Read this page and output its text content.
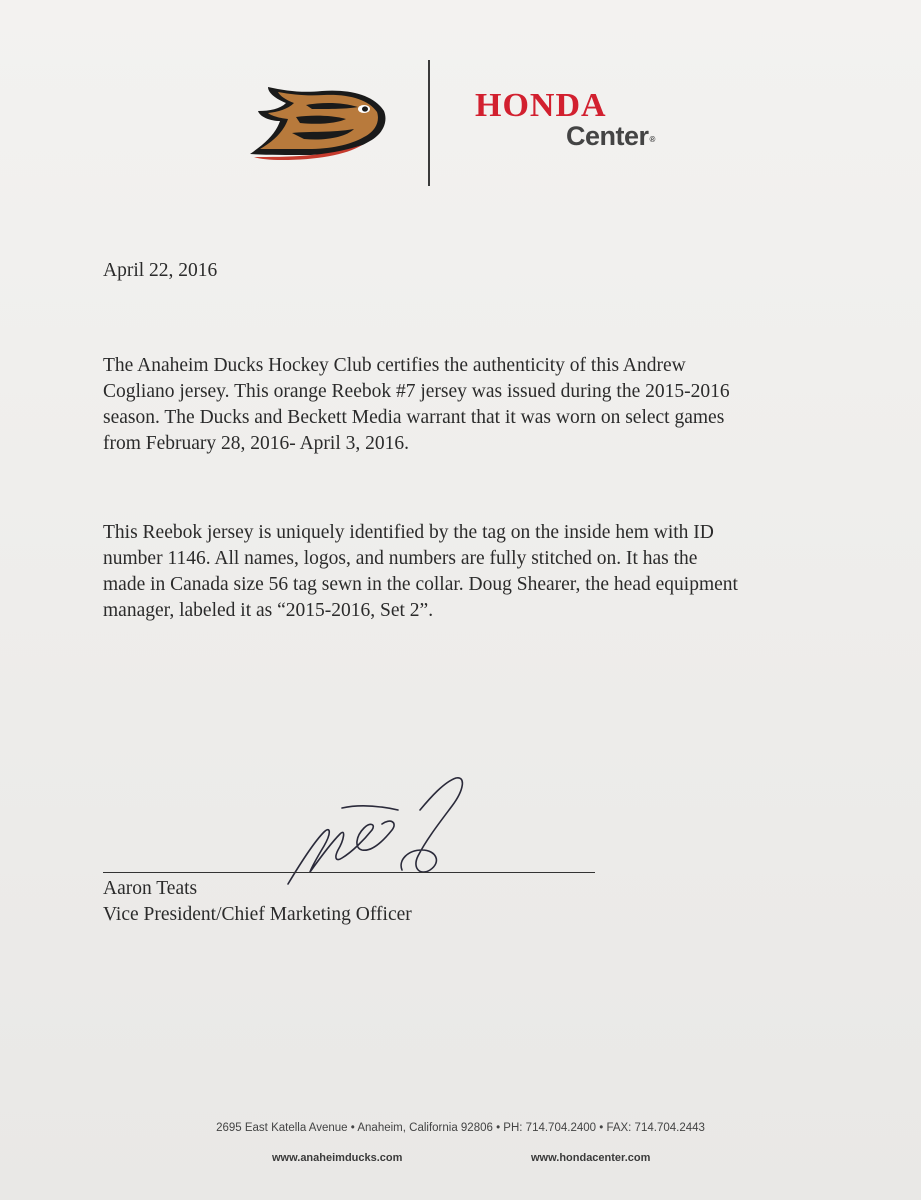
HONDA
Center®
April 22, 2016
The Anaheim Ducks Hockey Club certifies the authenticity of this Andrew
Cogliano jersey. This orange Reebok #7 jersey was issued during the 2015-2016
season. The Ducks and Beckett Media warrant that it was worn on select games
from February 28, 2016- April 3, 2016.
This Reebok jersey is uniquely identified by the tag on the inside hem with ID
number 1146. All names, logos, and numbers are fully stitched on. It has the
made in Canada size 56 tag sewn in the collar. Doug Shearer, the head equipment
manager, labeled it as “2015-2016, Set 2”.
Aaron Teats
Vice President/Chief Marketing Officer
2695 East Katella Avenue • Anaheim, California 92806 • PH: 714.704.2400 • FAX: 714.704.2443
www.anaheimducks.com	www.hondacenter.com
